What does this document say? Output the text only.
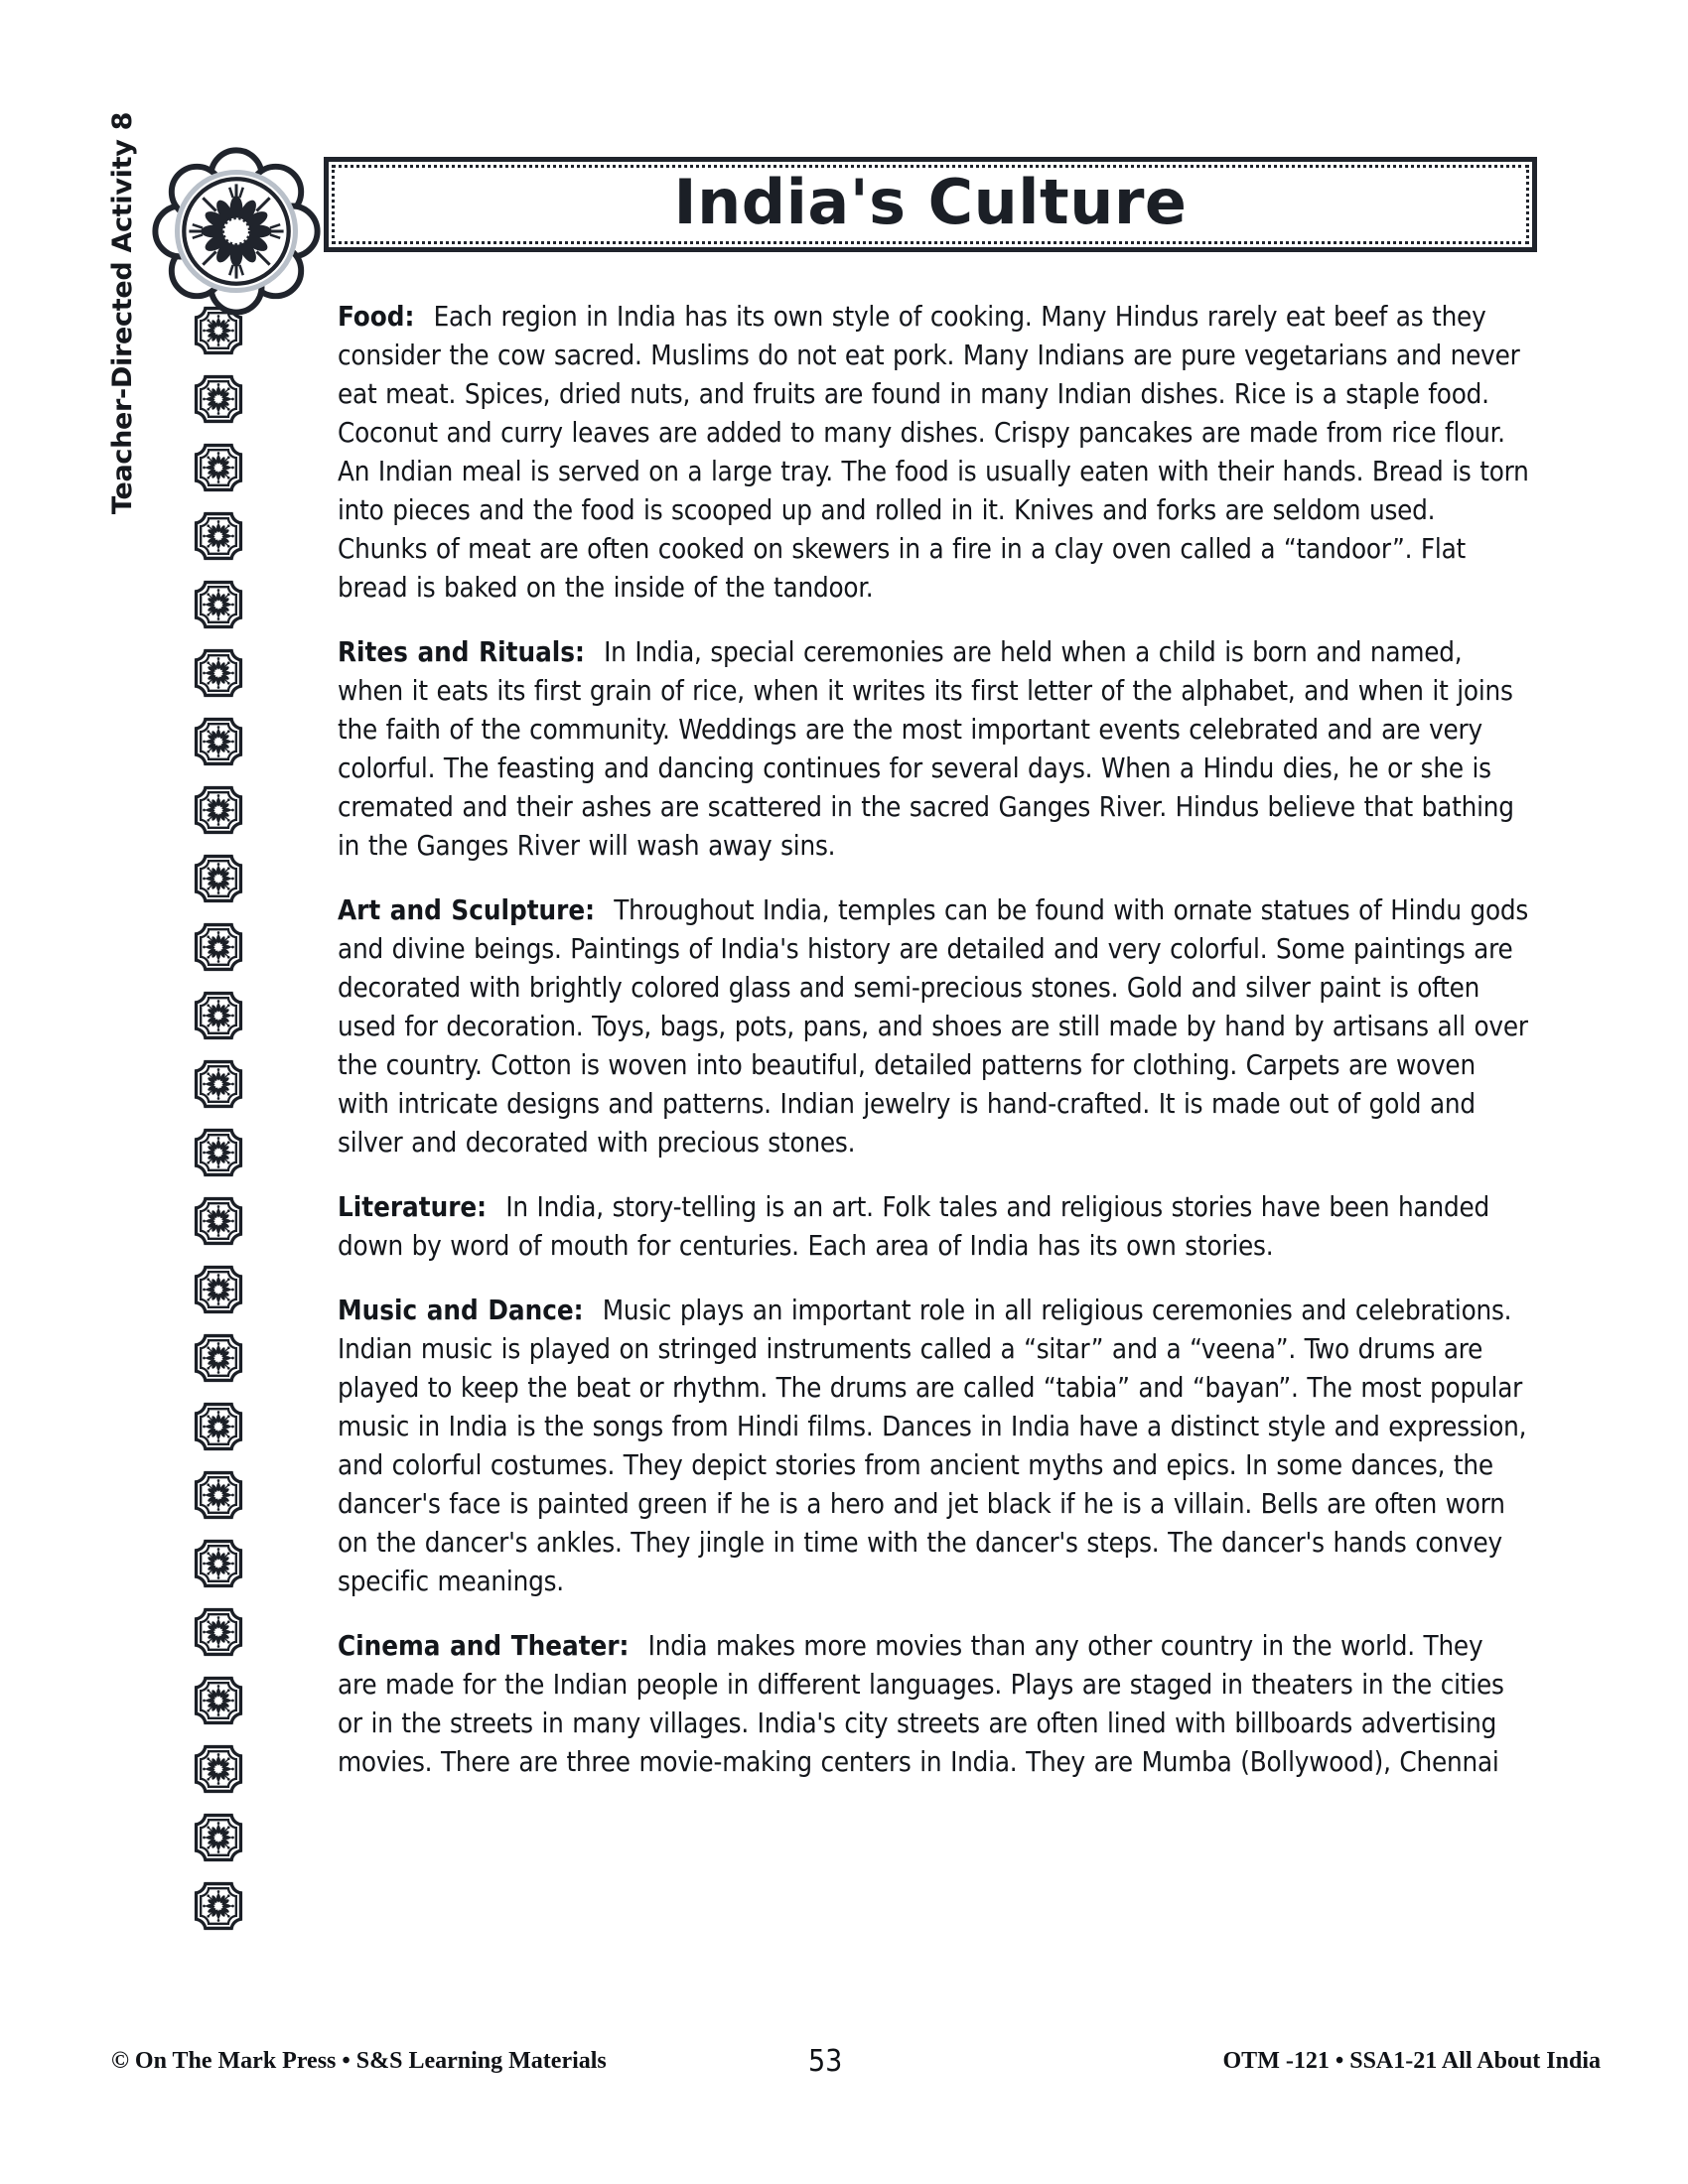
India's Culture
Teacher-Directed Activity 8	Food: Each region in India has its own style of cooking. Many Hindus rarely eat beef as they consider the cow sacred. Muslims do not eat pork. Many Indians are pure vegetarians and never eat meat. Spices, dried nuts, and fruits are found in many Indian dishes. Rice is a staple food. Coconut and curry leaves are added to many dishes. Crispy pancakes are made from rice flour. An Indian meal is served on a large tray. The food is usually eaten with their hands. Bread is torn into pieces and the food is scooped up and rolled in it. Knives and forks are seldom used. Chunks of meat are often cooked on skewers in a fire in a clay oven called a “tandoor”. Flat bread is baked on the inside of the tandoor.
Rites and Rituals: In India, special ceremonies are held when a child is born and named, when it eats its first grain of rice, when it writes its first letter of the alphabet, and when it joins the faith of the community. Weddings are the most important events celebrated and are very colorful. The feasting and dancing continues for several days. When a Hindu dies, he or she is cremated and their ashes are scattered in the sacred Ganges River. Hindus believe that bathing in the Ganges River will wash away sins.
Art and Sculpture: Throughout India, temples can be found with ornate statues of Hindu gods and divine beings. Paintings of India's history are detailed and very colorful. Some paintings are decorated with brightly colored glass and semi-precious stones. Gold and silver paint is often used for decoration. Toys, bags, pots, pans, and shoes are still made by hand by artisans all over the country. Cotton is woven into beautiful, detailed patterns for clothing. Carpets are woven with intricate designs and patterns. Indian jewelry is hand-crafted. It is made out of gold and silver and decorated with precious stones.
Literature: In India, story-telling is an art. Folk tales and religious stories have been handed down by word of mouth for centuries. Each area of India has its own stories.
Music and Dance: Music plays an important role in all religious ceremonies and celebrations. Indian music is played on stringed instruments called a “sitar” and a “veena”. Two drums are played to keep the beat or rhythm. The drums are called “tabia” and “bayan”. The most popular music in India is the songs from Hindi films. Dances in India have a distinct style and expression, and colorful costumes. They depict stories from ancient myths and epics. In some dances, the dancer's face is painted green if he is a hero and jet black if he is a villain. Bells are often worn on the dancer's ankles. They jingle in time with the dancer's steps. The dancer's hands convey specific meanings.
Cinema and Theater: India makes more movies than any other country in the world. They are made for the Indian people in different languages. Plays are staged in theaters in the cities or in the streets in many villages. India's city streets are often lined with billboards advertising movies. There are three movie-making centers in India. They are Mumba (Bollywood), Chennai
© On The Mark Press • S&S Learning Materials	53	OTM -121 • SSA1-21 All About India
